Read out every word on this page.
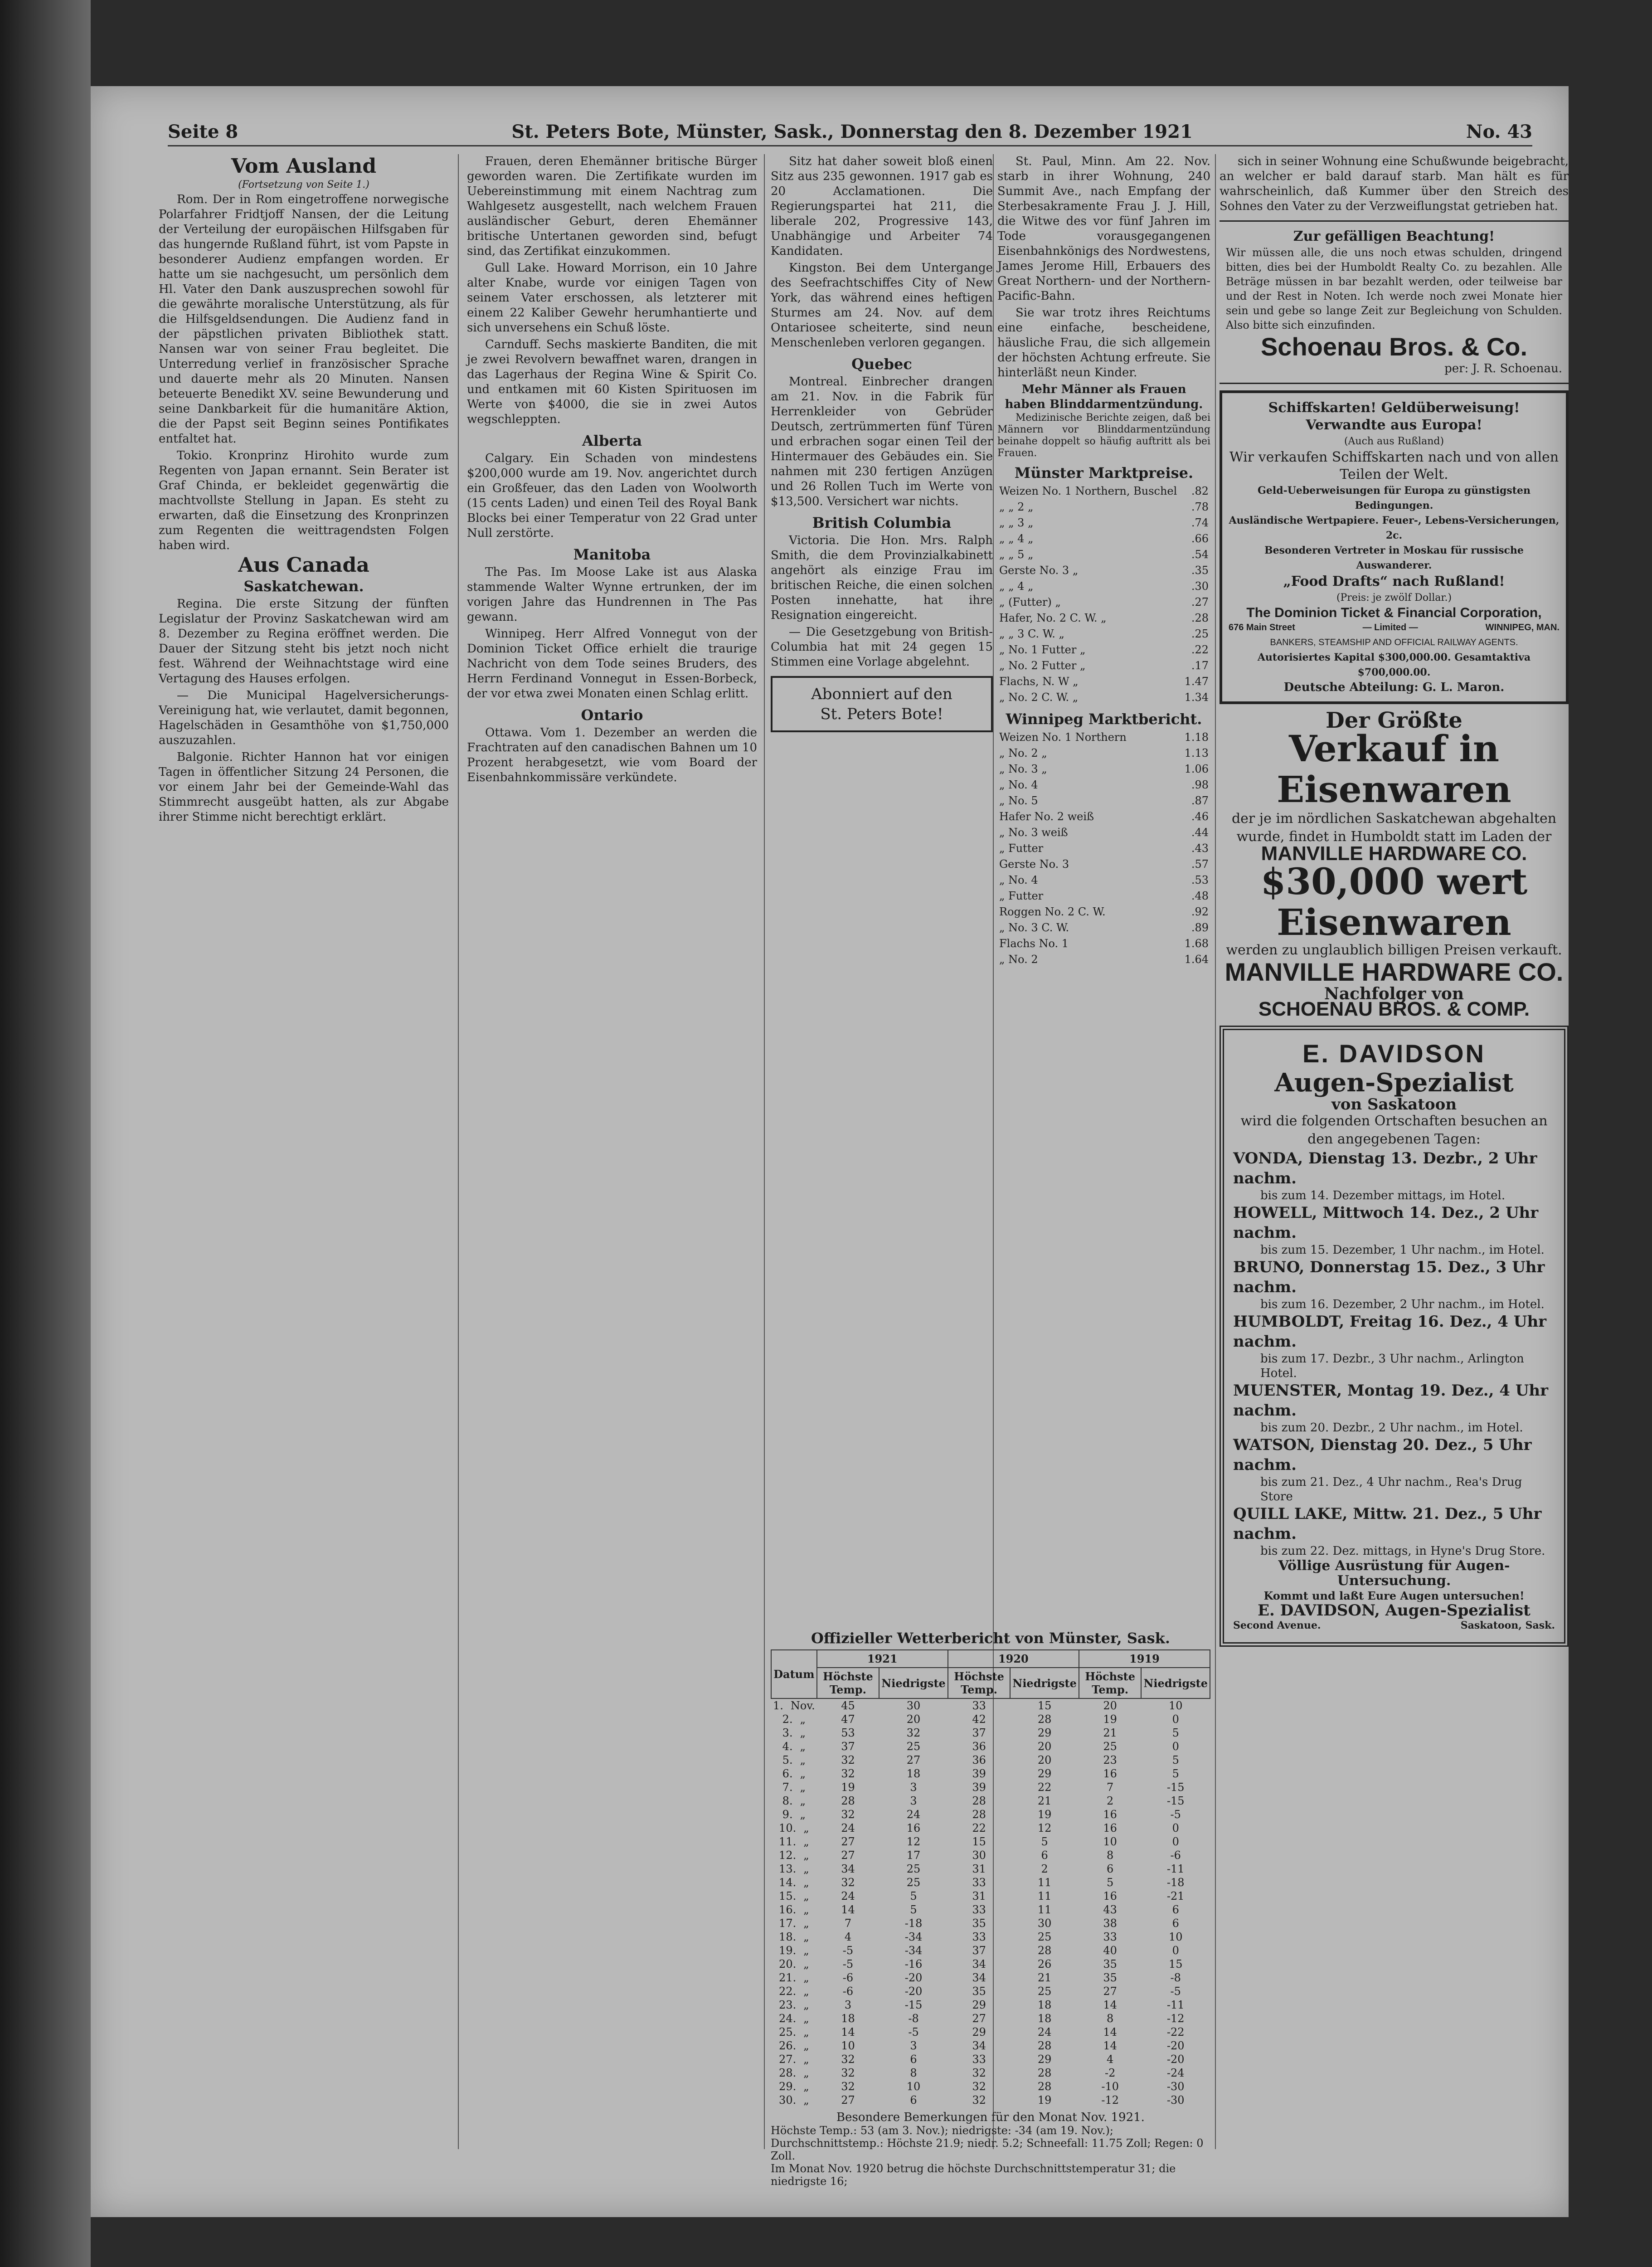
Seite 8	St. Peters Bote, Münster, Sask., Donnerstag den 8. Dezember 1921	No. 43
Vom Ausland
(Fortsetzung von Seite 1.)

Rom. Der in Rom eingetroffene norwegische Polarfahrer Fridtjoff Nansen, der die Leitung der Verteilung der europäischen Hilfsgaben für das hungernde Rußland führt, ist vom Papste in besonderer Audienz empfangen worden. Er hatte um sie nachgesucht, um persönlich dem Hl. Vater den Dank auszusprechen sowohl für die gewährte moralische Unterstützung, als für die Hilfsgeldsendungen. Die Audienz fand in der päpstlichen privaten Bibliothek statt. Nansen war von seiner Frau begleitet. Die Unterredung verlief in französischer Sprache und dauerte mehr als 20 Minuten. Nansen beteuerte Benedikt XV. seine Bewunderung und seine Dankbarkeit für die humanitäre Aktion, die der Papst seit Beginn seines Pontifikates entfaltet hat.

Tokio. Kronprinz Hirohito wurde zum Regenten von Japan ernannt. Sein Berater ist Graf Chinda, er bekleidet gegenwärtig die machtvollste Stellung in Japan. Es steht zu erwarten, daß die Einsetzung des Kronprinzen zum Regenten die weittragendsten Folgen haben wird.

Aus Canada
Saskatchewan.

Regina. Die erste Sitzung der fünften Legislatur der Provinz Saskatchewan wird am 8. Dezember zu Regina eröffnet werden. Die Dauer der Sitzung steht bis jetzt noch nicht fest. Während der Weihnachtstage wird eine Vertagung des Hauses erfolgen.

— Die Municipal Hagelversicherungs-Vereinigung hat, wie verlautet, damit begonnen, Hagelschäden in Gesamthöhe von $1,750,000 auszuzahlen.

Balgonie. Richter Hannon hat vor einigen Tagen in öffentlicher Sitzung 24 Personen, die vor einem Jahr bei der Gemeinde-Wahl das Stimmrecht ausgeübt hatten, als zur Abgabe ihrer Stimme nicht berechtigt erklärt.

Frauen, deren Ehemänner britische Bürger geworden waren. Die Zertifikate wurden im Uebereinstimmung mit einem Nachtrag zum Wahlgesetz ausgestellt, nach welchem Frauen ausländischer Geburt, deren Ehemänner britische Untertanen geworden sind, befugt sind, das Zertifikat einzukommen.

Gull Lake. Howard Morrison, ein 10 Jahre alter Knabe, wurde vor einigen Tagen von seinem Vater erschossen, als letzterer mit einem 22 Kaliber Gewehr herumhantierte und sich unversehens ein Schuß löste.

Carnduff. Sechs maskierte Banditen, die mit je zwei Revolvern bewaffnet waren, drangen in das Lagerhaus der Regina Wine & Spirit Co. und entkamen mit 60 Kisten Spirituosen im Werte von $4000, die sie in zwei Autos wegschleppten.

Alberta

Calgary. Ein Schaden von mindestens $200,000 wurde am 19. Nov. angerichtet durch ein Großfeuer, das den Laden von Woolworth (15 cents Laden) und einen Teil des Royal Bank Blocks bei einer Temperatur von 22 Grad unter Null zerstörte.

Manitoba

The Pas. Im Moose Lake ist aus Alaska stammende Walter Wynne ertrunken, der im vorigen Jahre das Hundrennen in The Pas gewann.

Winnipeg. Herr Alfred Vonnegut von der Dominion Ticket Office erhielt die traurige Nachricht von dem Tode seines Bruders, des Herrn Ferdinand Vonnegut in Essen-Borbeck, der vor etwa zwei Monaten einen Schlag erlitt.

Ontario

Ottawa. Vom 1. Dezember an werden die Frachtraten auf den canadischen Bahnen um 10 Prozent herabgesetzt, wie vom Board der Eisenbahnkommissäre verkündete.

Sitz hat daher soweit bloß einen Sitz aus 235 gewonnen. 1917 gab es 20 Acclamationen. Die Regierungspartei hat 211, die liberale 202, Progressive 143, Unabhängige und Arbeiter 74 Kandidaten.

Kingston. Bei dem Untergange des Seefrachtschiffes City of New York, das während eines heftigen Sturmes am 24. Nov. auf dem Ontariosee scheiterte, sind neun Menschenleben verloren gegangen.

Quebec

Montreal. Einbrecher drangen am 21. Nov. in die Fabrik für Herrenkleider von Gebrüder Deutsch, zertrümmerten fünf Türen und erbrachen sogar einen Teil der Hintermauer des Gebäudes ein. Sie nahmen mit 230 fertigen Anzügen und 26 Rollen Tuch im Werte von $13,500. Versichert war nichts.

British Columbia

Victoria. Die Hon. Mrs. Ralph Smith, die dem Provinzialkabinett angehört als einzige Frau im britischen Reiche, die einen solchen Posten innehatte, hat ihre Resignation eingereicht.

— Die Gesetzgebung von British-Columbia hat mit 24 gegen 15 Stimmen eine Vorlage abgelehnt.

Abonniert auf den
St. Peters Bote!

St. Paul, Minn. Am 22. Nov. starb in ihrer Wohnung, 240 Summit Ave., nach Empfang der Sterbesakramente Frau J. J. Hill, die Witwe des vor fünf Jahren im Tode vorausgegangenen Eisenbahnkönigs des Nordwestens, James Jerome Hill, Erbauers des Great Northern- und der Northern-Pacific-Bahn.

Sie war trotz ihres Reichtums eine einfache, bescheidene, häusliche Frau, die sich allgemein der höchsten Achtung erfreute. Sie hinterläßt neun Kinder.

Mehr Männer als Frauen
haben Blinddarmentzündung.

Medizinische Berichte zeigen, daß bei Männern vor Blinddarmentzündung beinahe doppelt so häufig auftritt als bei Frauen.

Münster Marktpreise.
Weizen No. 1 Northern, Buschel	.82
„ „ 2 „	.78
„ „ 3 „	.74
„ „ 4 „	.66
„ „ 5 „	.54
Gerste No. 3 „	.35
„ „ 4 „	.30
„ (Futter) „	.27
Hafer, No. 2 C. W. „	.28
„ „ 3 C. W. „	.25
„ No. 1 Futter „	.22
„ No. 2 Futter „	.17
Flachs, N. W „	1.47
„ No. 2 C. W. „	1.34
Winnipeg Marktbericht.
Weizen No. 1 Northern	1.18
„ No. 2 „	1.13
„ No. 3 „	1.06
„ No. 4	.98
„ No. 5	.87
Hafer No. 2 weiß	.46
„ No. 3 weiß	.44
„ Futter	.43
Gerste No. 3	.57
„ No. 4	.53
„ Futter	.48
Roggen No. 2 C. W.	.92
„ No. 3 C. W.	.89
Flachs No. 1	1.68
„ No. 2	1.64
Offizieller Wetterbericht von Münster, Sask.
Datum	1921		1920		1919	
	Höchste Temp.	Niedrigste	Höchste Temp.	Niedrigste	Höchste Temp.	Niedrigste
1. Nov.	45	30	33	15	20	10
2. „	47	20	42	28	19	0
3. „	53	32	37	29	21	5
4. „	37	25	36	20	25	0
5. „	32	27	36	20	23	5
6. „	32	18	39	29	16	5
7. „	19	3	39	22	7	-15
8. „	28	3	28	21	2	-15
9. „	32	24	28	19	16	-5
10. „	24	16	22	12	16	0
11. „	27	12	15	5	10	0
12. „	27	17	30	6	8	-6
13. „	34	25	31	2	6	-11
14. „	32	25	33	11	5	-18
15. „	24	5	31	11	16	-21
16. „	14	5	33	11	43	6
17. „	7	-18	35	30	38	6
18. „	4	-34	33	25	33	10
19. „	-5	-34	37	28	40	0
20. „	-5	-16	34	26	35	15
21. „	-6	-20	34	21	35	-8
22. „	-6	-20	35	25	27	-5
23. „	3	-15	29	18	14	-11
24. „	18	-8	27	18	8	-12
25. „	14	-5	29	24	14	-22
26. „	10	3	34	28	14	-20
27. „	32	6	33	29	4	-20
28. „	32	8	32	28	-2	-24
29. „	32	10	32	28	-10	-30
30. „	27	6	32	19	-12	-30
Besondere Bemerkungen für den Monat Nov. 1921.
Höchste Temp.: 53 (am 3. Nov.); niedrigste: -34 (am 19. Nov.);
Durchschnittstemp.: Höchste 21.9; niedr. 5.2; Schneefall: 11.75 Zoll; Regen: 0 Zoll.
Im Monat Nov. 1920 betrug die höchste Durchschnittstemperatur 31; die niedrigste 16;

sich in seiner Wohnung eine Schußwunde beigebracht, an welcher er bald darauf starb. Man hält es für wahrscheinlich, daß Kummer über den Streich des Sohnes den Vater zu der Verzweiflungstat getrieben hat.

Zur gefälligen Beachtung!
Wir müssen alle, die uns noch etwas schulden, dringend bitten, dies bei der Humboldt Realty Co. zu bezahlen. Alle Beträge müssen in bar bezahlt werden, oder teilweise bar und der Rest in Noten. Ich werde noch zwei Monate hier sein und gebe so lange Zeit zur Begleichung von Schulden. Also bitte sich einzufinden.
Schoenau Bros. & Co.
per: J. R. Schoenau.
Schiffskarten! Geldüberweisung!
Verwandte aus Europa!
(Auch aus Rußland)
Wir verkaufen Schiffskarten nach und von allen Teilen der Welt.
Geld-Ueberweisungen für Europa zu günstigsten Bedingungen.
Ausländische Wertpapiere. Feuer-, Lebens-Versicherungen, 2c.
Besonderen Vertreter in Moskau für russische Auswanderer.
„Food Drafts“ nach Rußland!
(Preis: je zwölf Dollar.)
The Dominion Ticket & Financial Corporation,
676 Main Street	— Limited —	WINNIPEG, MAN.
BANKERS, STEAMSHIP AND OFFICIAL RAILWAY AGENTS.
Autorisiertes Kapital $300,000.00. Gesamtaktiva $700,000.00.
Deutsche Abteilung: G. L. Maron.
Der Größte
Verkauf in Eisenwaren
der je im nördlichen Saskatchewan abgehalten wurde, findet in Humboldt statt im Laden der
MANVILLE HARDWARE CO.
$30,000 wert Eisenwaren
werden zu unglaublich billigen Preisen verkauft.
MANVILLE HARDWARE CO.
Nachfolger von
SCHOENAU BROS. & COMP.
E. DAVIDSON
Augen-Spezialist
von Saskatoon
wird die folgenden Ortschaften besuchen an den angegebenen Tagen:
VONDA, Dienstag 13. Dezbr., 2 Uhr nachm.
bis zum 14. Dezember mittags, im Hotel.
HOWELL, Mittwoch 14. Dez., 2 Uhr nachm.
bis zum 15. Dezember, 1 Uhr nachm., im Hotel.
BRUNO, Donnerstag 15. Dez., 3 Uhr nachm.
bis zum 16. Dezember, 2 Uhr nachm., im Hotel.
HUMBOLDT, Freitag 16. Dez., 4 Uhr nachm.
bis zum 17. Dezbr., 3 Uhr nachm., Arlington Hotel.
MUENSTER, Montag 19. Dez., 4 Uhr nachm.
bis zum 20. Dezbr., 2 Uhr nachm., im Hotel.
WATSON, Dienstag 20. Dez., 5 Uhr nachm.
bis zum 21. Dez., 4 Uhr nachm., Rea's Drug Store
QUILL LAKE, Mittw. 21. Dez., 5 Uhr nachm.
bis zum 22. Dez. mittags, in Hyne's Drug Store.
Völlige Ausrüstung für Augen-Untersuchung.
Kommt und laßt Eure Augen untersuchen!
E. DAVIDSON, Augen-Spezialist
Second Avenue.	Saskatoon, Sask.
